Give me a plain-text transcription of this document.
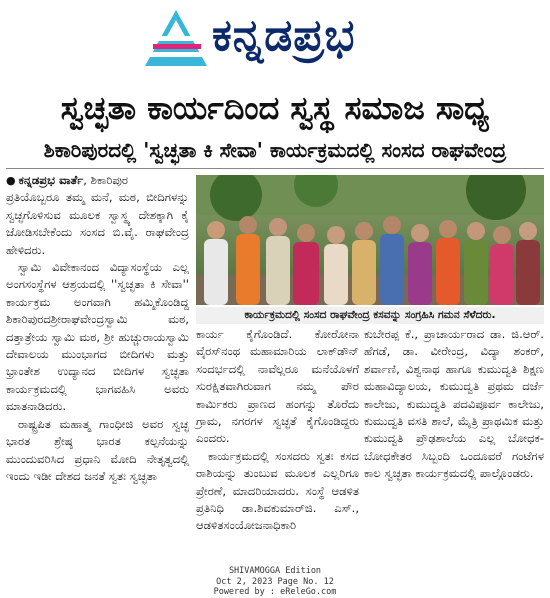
ಕನ್ನಡಪ್ರಭ
ಸ್ವಚ್ಛತಾ ಕಾರ್ಯದಿಂದ ಸ್ವಸ್ಥ ಸಮಾಜ ಸಾಧ್ಯ
ಶಿಕಾರಿಪುರದಲ್ಲಿ 'ಸ್ವಚ್ಛತಾ ಕಿ ಸೇವಾ' ಕಾರ್ಯಕ್ರಮದಲ್ಲಿ ಸಂಸದ ರಾಘವೇಂದ್ರ

● ಕನ್ನಡಪ್ರಭ ವಾರ್ತೆ, ಶಿಕಾರಿಪುರ

ಪ್ರತಿಯೊಬ್ಬರೂ ತಮ್ಮ ಮನೆ, ಮಠ, ಬೀದಿಗಳನ್ನು ಸ್ವಚ್ಛಗೊಳಿಸುವ ಮೂಲಕ ಸ್ವಾಸ್ಥ್ಯ ದೇಶಕ್ಕಾಗಿ ಕೈ ಜೋಡಿಸಬೇಕೆಂದು ಸಂಸದ ಬಿ.ವೈ. ರಾಘವೇಂದ್ರ ಹೇಳಿದರು.

ಸ್ವಾಮಿ ವಿವೇಕಾನಂದ ವಿದ್ಯಾಸಂಸ್ಥೆಯ ಎಲ್ಲ ಅಂಗಸಂಸ್ಥೆಗಳ ಆಶ್ರಯದಲ್ಲಿ ''ಸ್ವಚ್ಛತಾ ಕಿ ಸೇವಾ'' ಕಾರ್ಯಕ್ರಮ ಅಂಗವಾಗಿ ಹಮ್ಮಿಕೊಂಡಿದ್ದ ಶಿಕಾರಿಪುರದಶ್ರೀರಾಘವೇಂದ್ರಸ್ವಾಮಿ ಮಠ, ದತ್ತಾತ್ರೇಯ ಸ್ವಾಮಿ ಮಠ, ಶ್ರೀ ಹುಚ್ಚುರಾಯಸ್ವಾಮಿ ದೇವಾಲಯ ಮುಂಭಾಗದ ಬೀದಿಗಳು ಮತ್ತು ಭ್ರಾಂತೇಶ ಉದ್ಯಾನದ ಬೀದಿಗಳ ಸ್ವಚ್ಛತಾ ಕಾರ್ಯಕ್ರಮದಲ್ಲಿ ಭಾಗವಹಿಸಿ ಅವರು ಮಾತನಾಡಿದರು.

ರಾಷ್ಟ್ರಪಿತ ಮಹಾತ್ಮ ಗಾಂಧೀಜಿ ಅವರ ಸ್ವಚ್ಛ ಭಾರತ ಶ್ರೇಷ್ಠ ಭಾರತ ಕಲ್ಪನೆಯನ್ನು ಮುಂದುವರಿಸಿದ ಪ್ರಧಾನಿ ಮೋದಿ ನೇತೃತ್ವದಲ್ಲಿ ಇಂದು ಇಡೀ ದೇಶದ ಜನತೆ ಸ್ವತಃ ಸ್ವಚ್ಛತಾ

ಕಾರ್ಯಕ್ರಮದಲ್ಲಿ ಸಂಸದ ರಾಘವೇಂದ್ರ ಕಸವನ್ನು ಸಂಗ್ರಹಿಸಿ ಗಮನ ಸೆಳೆದರು.

ಕಾರ್ಯ ಕೈಗೊಂಡಿದೆ. ಕೋರೋನಾ ವೈರಸ್‌ನಂಥ ಮಹಾಮಾರಿಯ ಲಾಕ್‌ಡೌನ್ ಸಂದರ್ಭದಲ್ಲಿ ನಾವೆಲ್ಲರೂ ಮನೆಯೊಳಗೆ ಸುರಕ್ಷಿತವಾಗಿರುವಾಗ ನಮ್ಮ ಪೌರ ಕಾರ್ಮಿಕರು ಪ್ರಾಣದ ಹಂಗನ್ನು ತೊರೆದು ಗ್ರಾಮ, ನಗರಗಳ ಸ್ವಚ್ಛತೆ ಕೈಗೊಂಡಿದ್ದರು ಎಂದರು.

ಕಾರ್ಯಕ್ರಮದಲ್ಲಿ ಸಂಸದರು ಸ್ವತಃ ಕಸದ ರಾಶಿಯನ್ನು ತುಂಬುವ ಮೂಲಕ ಎಲ್ಲರಿಗೂ ಪ್ರೇರಣೆ, ಮಾದರಿಯಾದರು. ಸಂಸ್ಥೆ ಆಡಳಿತ ಪ್ರತಿನಿಧಿ ಡಾ.ಶಿವಕುಮಾರ್‌ಜಿ. ಎಸ್., ಆಡಳಿತಸಂಯೋಜನಾಧಿಕಾರಿ

ಕುಬೇರಪ್ಪ ಕೆ., ಪ್ರಾಚಾರ್ಯರಾದ ಡಾ. ಜಿ.ಆರ್. ಹೆಗಡೆ, ಡಾ. ವೀರೇಂದ್ರ, ವಿದ್ಯಾ ಶಂಕರ್, ಶರ್ವಾಣಿ, ವಿಶ್ವನಾಥ ಹಾಗೂ ಕುಮುದ್ವತಿ ಶಿಕ್ಷಣ ಮಹಾವಿದ್ಯಾಲಯ, ಕುಮುದ್ವತಿ ಪ್ರಥಮ ದರ್ಜೆ ಕಾಲೇಜು, ಕುಮುದ್ವತಿ ಪದವಿಪೂರ್ವ ಕಾಲೇಜು, ಕುಮುದ್ವತಿ ವಸತಿ ಶಾಲೆ, ಮೈತ್ರಿ ಪ್ರಾಥಮಿಕ ಮತ್ತು ಕುಮುದ್ವತಿ ಪ್ರೌಢಶಾಲೆಯ ಎಲ್ಲ ಬೋಧಕ-ಬೋಧಕೇತರ ಸಿಬ್ಬಂದಿ ಒಂದೂವರೆ ಗಂಟೆಗಳ ಕಾಲ ಸ್ವಚ್ಛತಾ ಕಾರ್ಯಕ್ರಮದಲ್ಲಿ ಪಾಲ್ಗೊಂಡರು.

SHIVAMOGGA Edition
Oct 2, 2023 Page No. 12
Powered by : eReleGo.com
